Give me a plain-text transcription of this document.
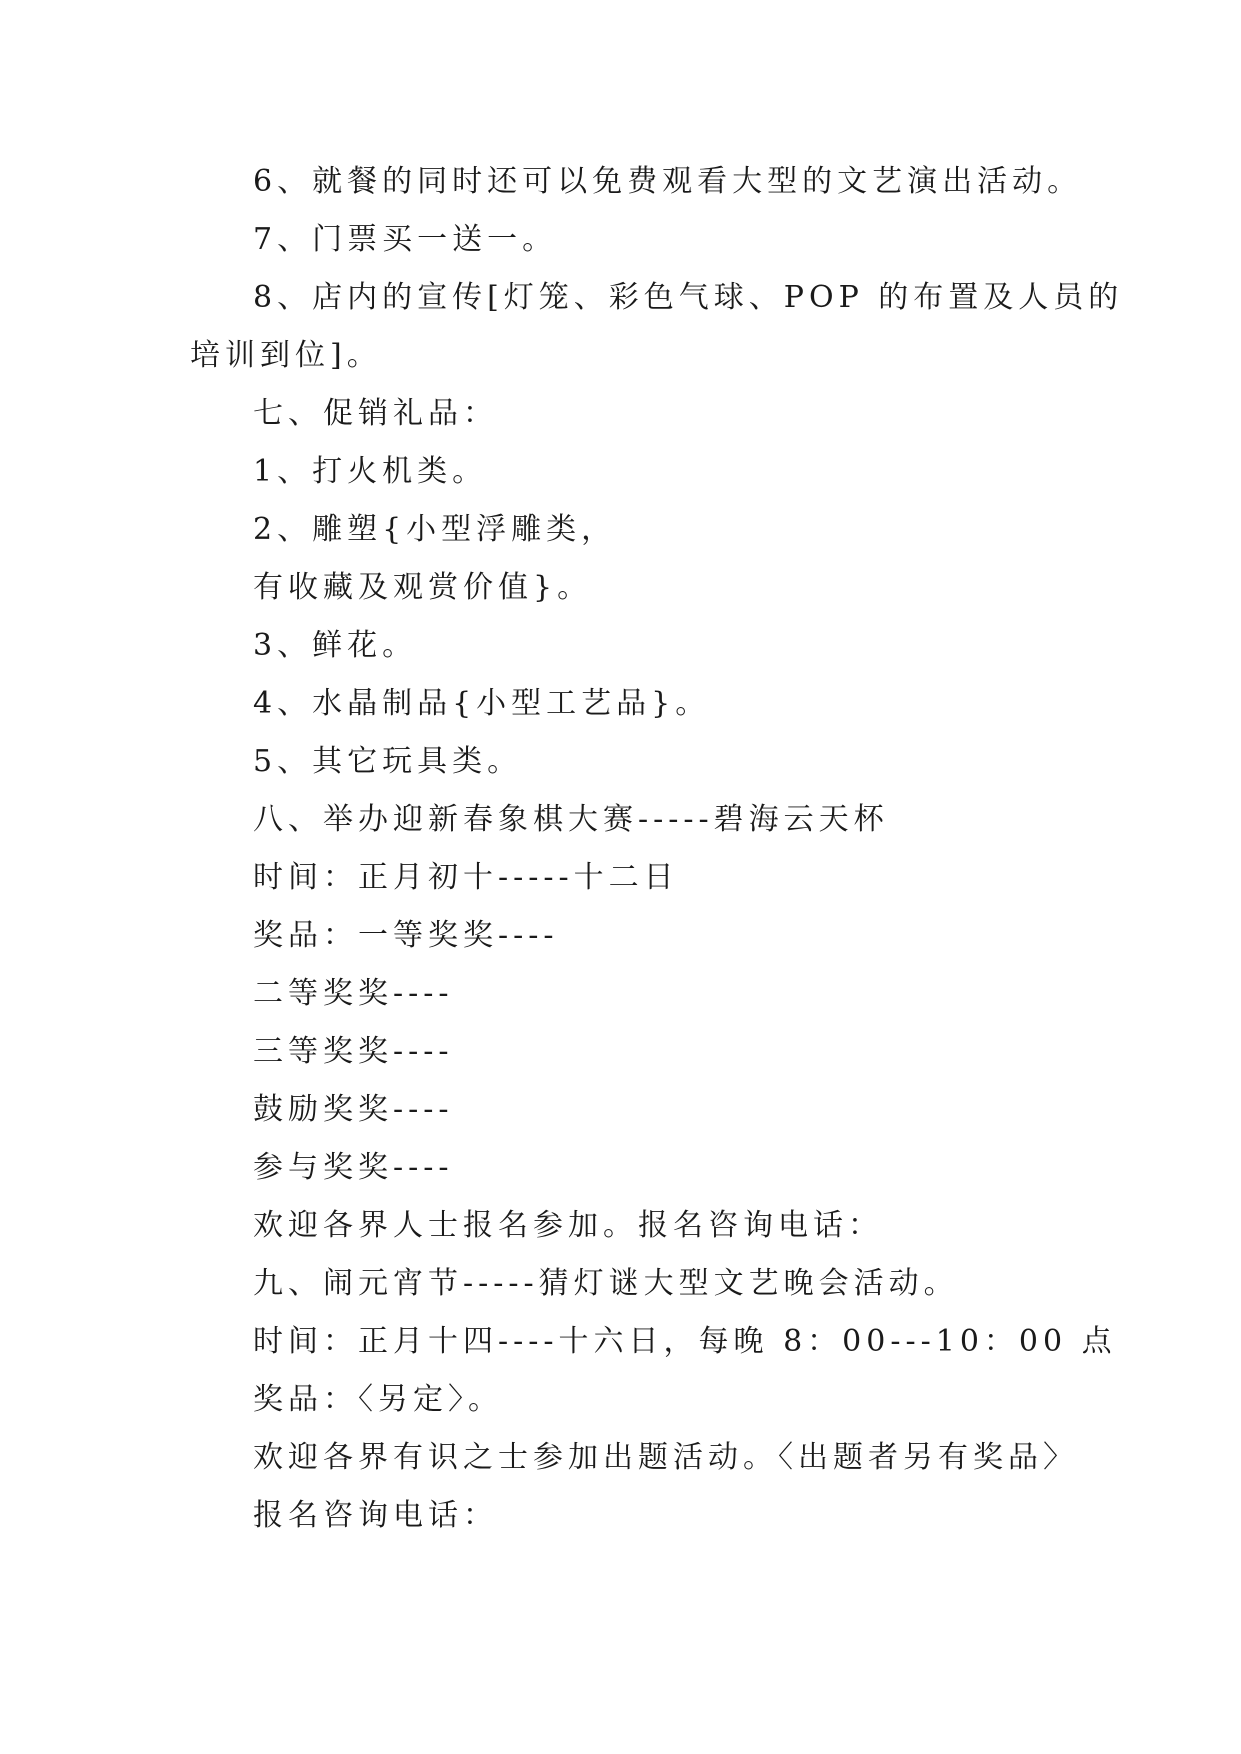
6、就餐的同时还可以免费观看大型的文艺演出活动。
7、门票买一送一。
8、店内的宣传[灯笼、彩色气球、POP 的布置及人员的
培训到位]。
七、促销礼品：
1、打火机类。
2、雕塑{小型浮雕类，
有收藏及观赏价值}。
3、鲜花。
4、水晶制品{小型工艺品}。
5、其它玩具类。
八、举办迎新春象棋大赛-----碧海云天杯
时间：正月初十-----十二日
奖品：一等奖奖----
二等奖奖----
三等奖奖----
鼓励奖奖----
参与奖奖----
欢迎各界人士报名参加。报名咨询电话：
九、闹元宵节-----猜灯谜大型文艺晚会活动。
时间：正月十四----十六日，每晚 8：00---10：00 点
奖品：〈另定〉。
欢迎各界有识之士参加出题活动。〈出题者另有奖品〉
报名咨询电话：
